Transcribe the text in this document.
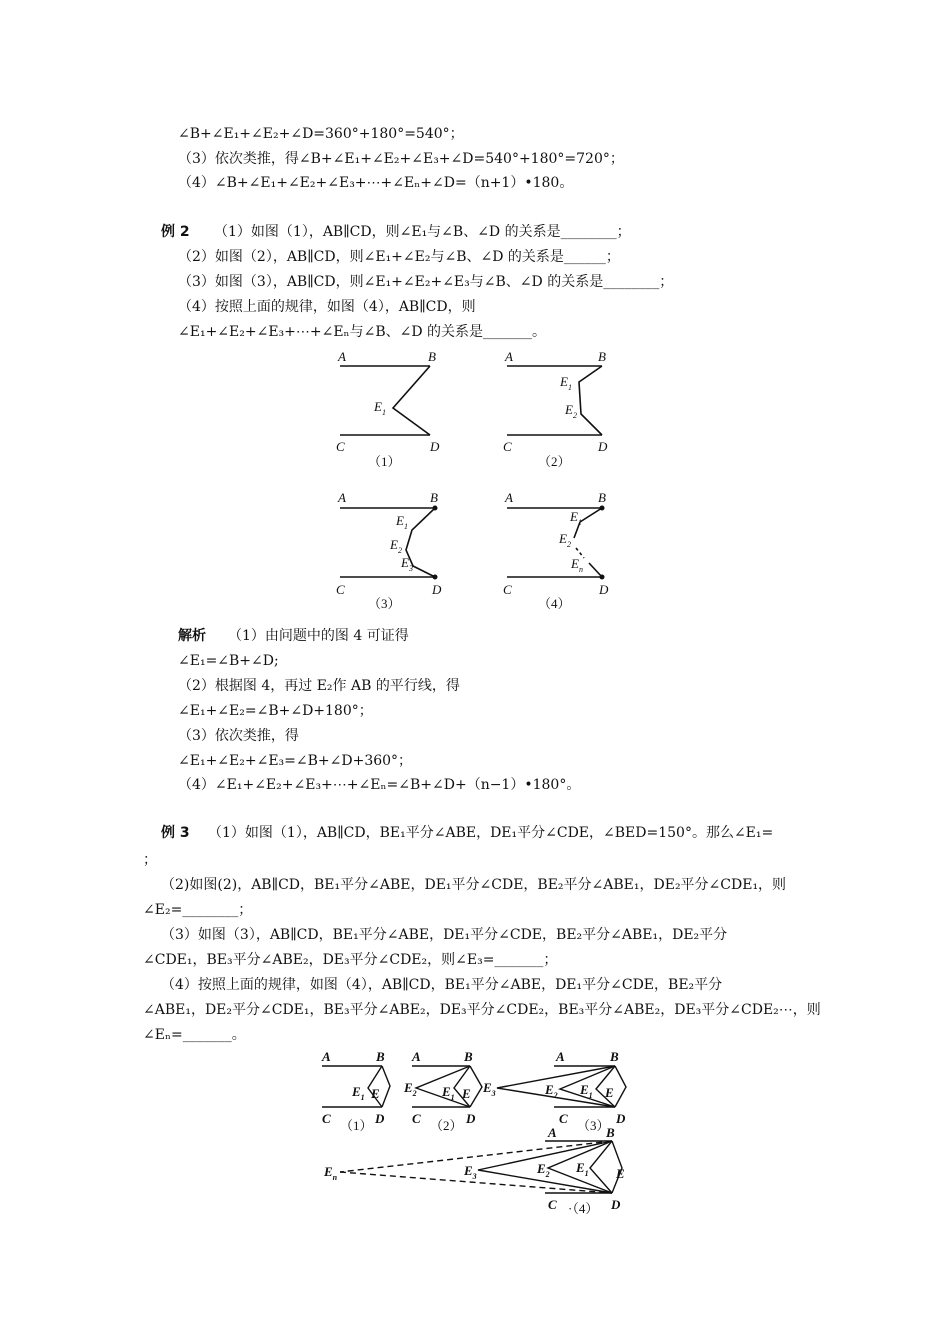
∠B+∠E₁+∠E₂+∠D=360°+180°=540°；
（3）依次类推，得∠B+∠E₁+∠E₂+∠E₃+∠D=540°+180°=720°；
（4）∠B+∠E₁+∠E₂+∠E₃+⋯+∠Eₙ+∠D=（n+1）•180。
例 2 （1）如图（1），AB∥CD，则∠E₁与∠B、∠D 的关系是________；
（2）如图（2），AB∥CD，则∠E₁+∠E₂与∠B、∠D 的关系是______；
（3）如图（3），AB∥CD，则∠E₁+∠E₂+∠E₃与∠B、∠D 的关系是________；
（4）按照上面的规律，如图（4），AB∥CD，则
∠E₁+∠E₂+∠E₃+⋯+∠Eₙ与∠B、∠D 的关系是_______。
A	B
C	D
$E_1$
A	B
C	D
$E_1$
$E_2$
A	B
C	D
$E_1$
$E_2$
$E_3$
A	B
C	D
$E_1$
$E_2$
$E_n$
（1）	（2）
（3）	（4）
解析 （1）由问题中的图 4 可证得
∠E₁=∠B+∠D;
（2）根据图 4，再过 E₂作 AB 的平行线，得
∠E₁+∠E₂=∠B+∠D+180°；
（3）依次类推，得
∠E₁+∠E₂+∠E₃=∠B+∠D+360°；
（4）∠E₁+∠E₂+∠E₃+⋯+∠Eₙ=∠B+∠D+（n−1）•180°。
例 3 （1）如图（1），AB∥CD，BE₁平分∠ABE，DE₁平分∠CDE，∠BED=150°。那么∠E₁=
；
（2)如图(2)，AB∥CD，BE₁平分∠ABE，DE₁平分∠CDE，BE₂平分∠ABE₁，DE₂平分∠CDE₁，则
∠E₂=________；
（3）如图（3），AB∥CD，BE₁平分∠ABE，DE₁平分∠CDE，BE₂平分∠ABE₁，DE₂平分
∠CDE₁，BE₃平分∠ABE₂，DE₃平分∠CDE₂，则∠E₃=_______；
（4）按照上面的规律，如图（4），AB∥CD，BE₁平分∠ABE，DE₁平分∠CDE，BE₂平分
∠ABE₁，DE₂平分∠CDE₁，BE₃平分∠ABE₂，DE₃平分∠CDE₂，BE₃平分∠ABE₂，DE₃平分∠CDE₂⋯，则
∠Eₙ=_______。
A	B
C	D
$E_1$ E
A	B
C	D
$E_2$ $E_1$ E
A	B
C	D
$E_3$	$E_2$ $E_1$ E
A	B
C	D
$E_n$	$E_3$
$E_2$ $E_1$ E
（1）	（2）	（3）
·（4）
